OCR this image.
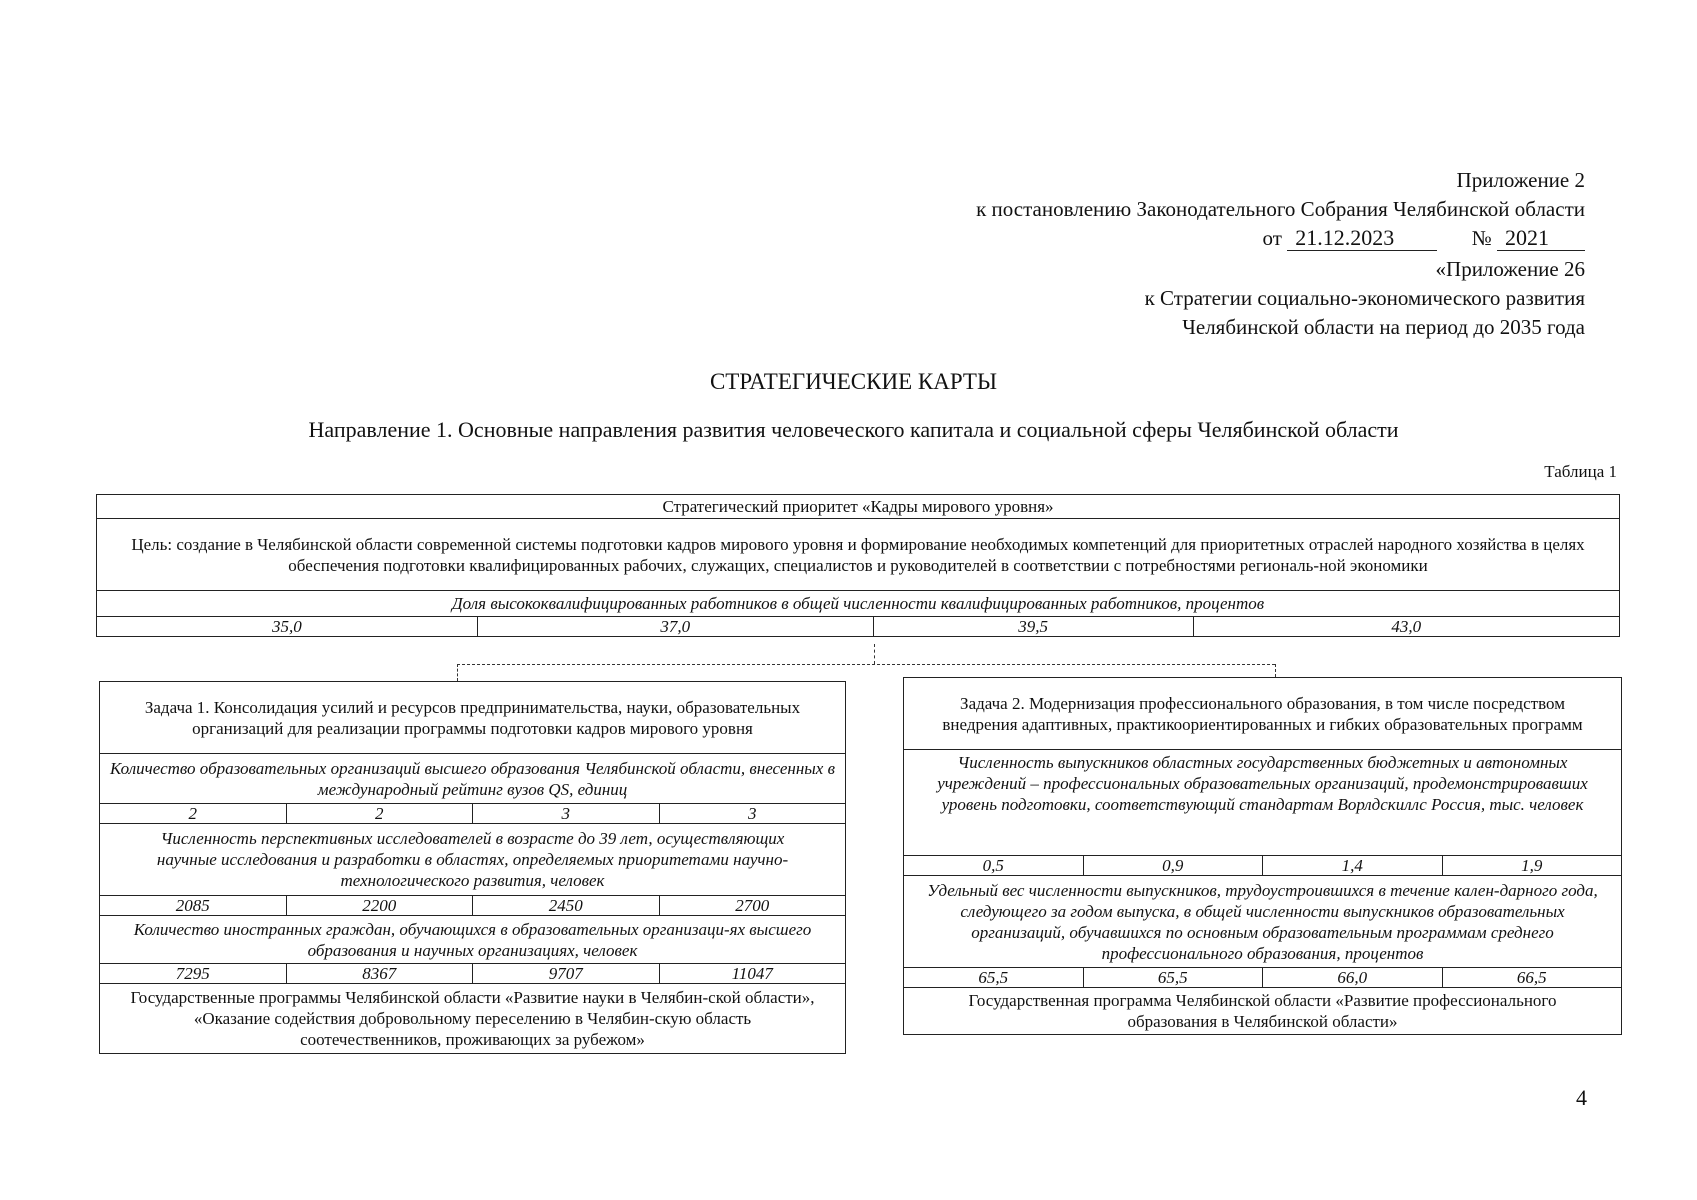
Приложение 2
к постановлению Законодательного Собрания Челябинской области
от 21.12.2023	№ 2021
«Приложение 26
к Стратегии социально-экономического развития
Челябинской области на период до 2035 года
СТРАТЕГИЧЕСКИЕ КАРТЫ
Направление 1. Основные направления развития человеческого капитала и социальной сферы Челябинской области
Таблица 1
Стратегический приоритет «Кадры мирового уровня»
Цель: создание в Челябинской области современной системы подготовки кадров мирового уровня и формирование необходимых компетенций для приоритетных отраслей народного хозяйства в целях обеспечения подготовки квалифицированных рабочих, служащих, специалистов и руководителей в соответствии с потребностями региональ-ной экономики
Доля высококвалифицированных работников в общей численности квалифицированных работников, процентов
35,0	37,0	39,5	43,0
Задача 1. Консолидация усилий и ресурсов предпринимательства, науки, образовательных организаций для реализации программы подготовки кадров мирового уровня			
Количество образовательных организаций высшего образования Челябинской области, внесенных в международный рейтинг вузов QS, единиц			
2	2	3	3
Численность перспективных исследователей в возрасте до 39 лет, осуществляющих научные исследования и разработки в областях, определяемых приоритетами научно-технологического развития, человек			
2085	2200	2450	2700
Количество иностранных граждан, обучающихся в образовательных организаци-ях высшего образования и научных организациях, человек			
7295	8367	9707	11047
Государственные программы Челябинской области «Развитие науки в Челябин-ской области», «Оказание содействия добровольному переселению в Челябин-скую область соотечественников, проживающих за рубежом»			
Задача 2. Модернизация профессионального образования, в том числе посредством внедрения адаптивных, практикоориентированных и гибких образовательных программ			
Численность выпускников областных государственных бюджетных и автономных учреждений – профессиональных образовательных организаций, продемонстрировавших уровень подготовки, соответствующий стандартам Ворлдскиллс Россия, тыс. человек			
0,5	0,9	1,4	1,9
Удельный вес численности выпускников, трудоустроившихся в течение кален-дарного года, следующего за годом выпуска, в общей численности выпускников образовательных организаций, обучавшихся по основным образовательным программам среднего профессионального образования, процентов			
65,5	65,5	66,0	66,5
Государственная программа Челябинской области «Развитие профессионального образования в Челябинской области»			
4
